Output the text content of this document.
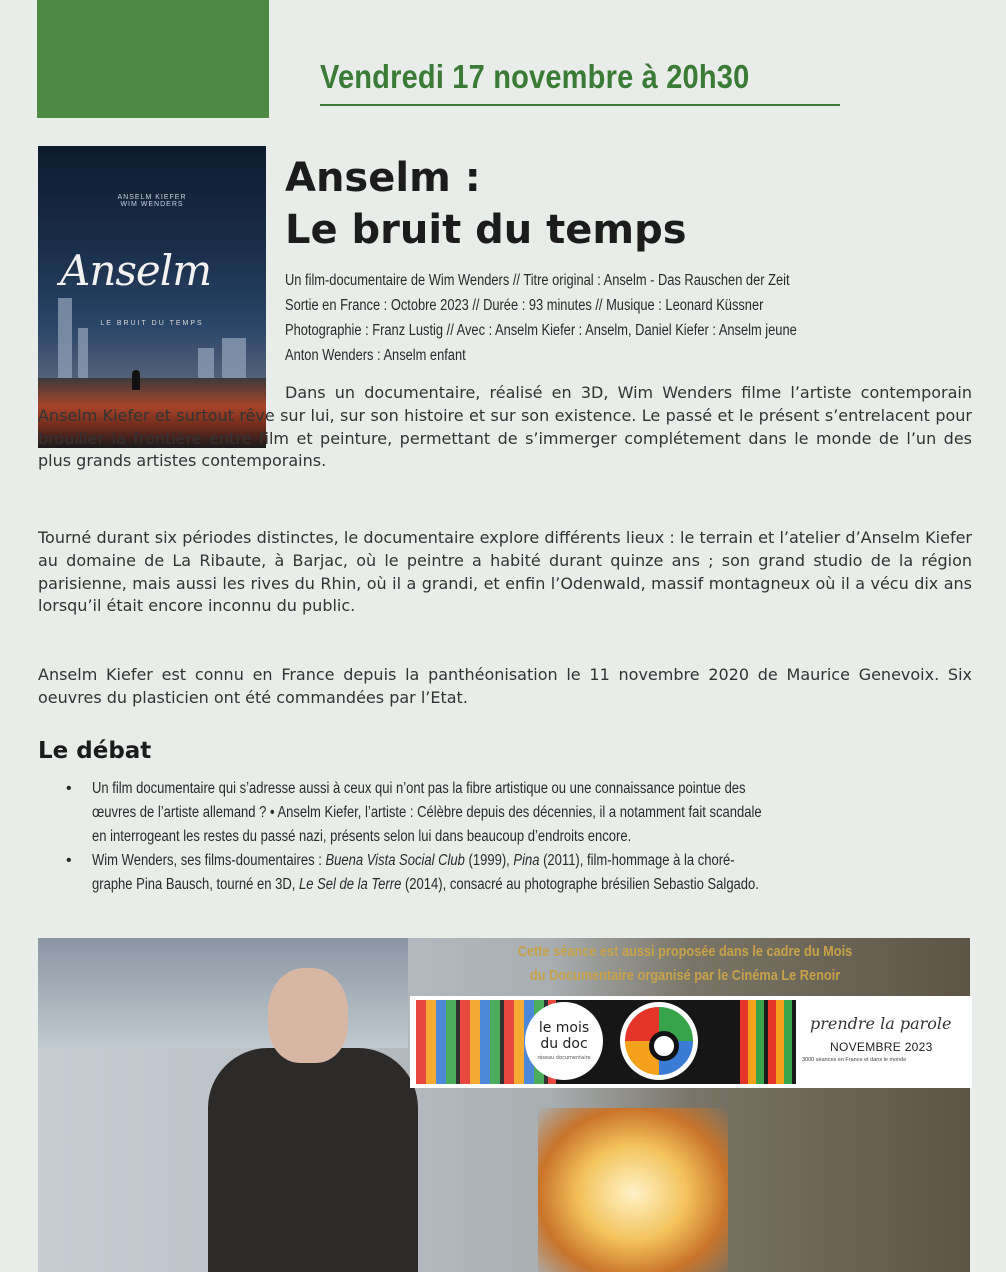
Vendredi 17 novembre à 20h30
ANSELM KIEFER
WIM WENDERS
Anselm
LE BRUIT DU TEMPS
Anselm :
Le bruit du temps
Un film-documentaire de Wim Wenders // Titre original : Anselm - Das Rauschen der Zeit
Sortie en France : Octobre 2023 // Durée : 93 minutes // Musique : Leonard Küssner
Photographie : Franz Lustig // Avec : Anselm Kiefer : Anselm, Daniel Kiefer : Anselm jeune
Anton Wenders : Anselm enfant

Dans un documentaire, réalisé en 3D, Wim Wenders filme l’artiste contemporain Anselm Kiefer et surtout rêve sur lui, sur son histoire et sur son existence. Le passé et le présent s’entrelacent pour brouiller la frontière entre film et peinture, permettant de s’immerger complétement dans le monde de l’un des plus grands artistes contemporains.

Tourné durant six périodes distinctes, le documentaire explore différents lieux : le terrain et l’atelier d’Anselm Kiefer au domaine de La Ribaute, à Barjac, où le peintre a habité durant quinze ans ; son grand studio de la région parisienne, mais aussi les rives du Rhin, où il a grandi, et enfin l’Odenwald, massif montagneux où il a vécu dix ans lorsqu’il était encore inconnu du public.

Anselm Kiefer est connu en France depuis la panthéonisation le 11 novembre 2020 de Maurice Genevoix. Six oeuvres du plasticien ont été commandées par l’Etat.

Le débat
• Un film documentaire qui s’adresse aussi à ceux qui n’ont pas la fibre artistique ou une connaissance pointue des
œuvres de l’artiste allemand ? • Anselm Kiefer, l’artiste : Célèbre depuis des décennies, il a notamment fait scandale
en interrogeant les restes du passé nazi, présents selon lui dans beaucoup d’endroits encore.
• Wim Wenders, ses films-doumentaires : Buena Vista Social Club (1999), Pina (2011), film-hommage à la choré-
graphe Pina Bausch, tourné en 3D, Le Sel de la Terre (2014), consacré au photographe brésilien Sebastio Salgado.
Cette séance est aussi proposée dans le cadre du Mois
du Documentaire organisé par le Cinéma Le Renoir
le mois
du doc
réseau documentaire
prendre la parole
NOVEMBRE 2023
3000 séances en France et dans le monde
